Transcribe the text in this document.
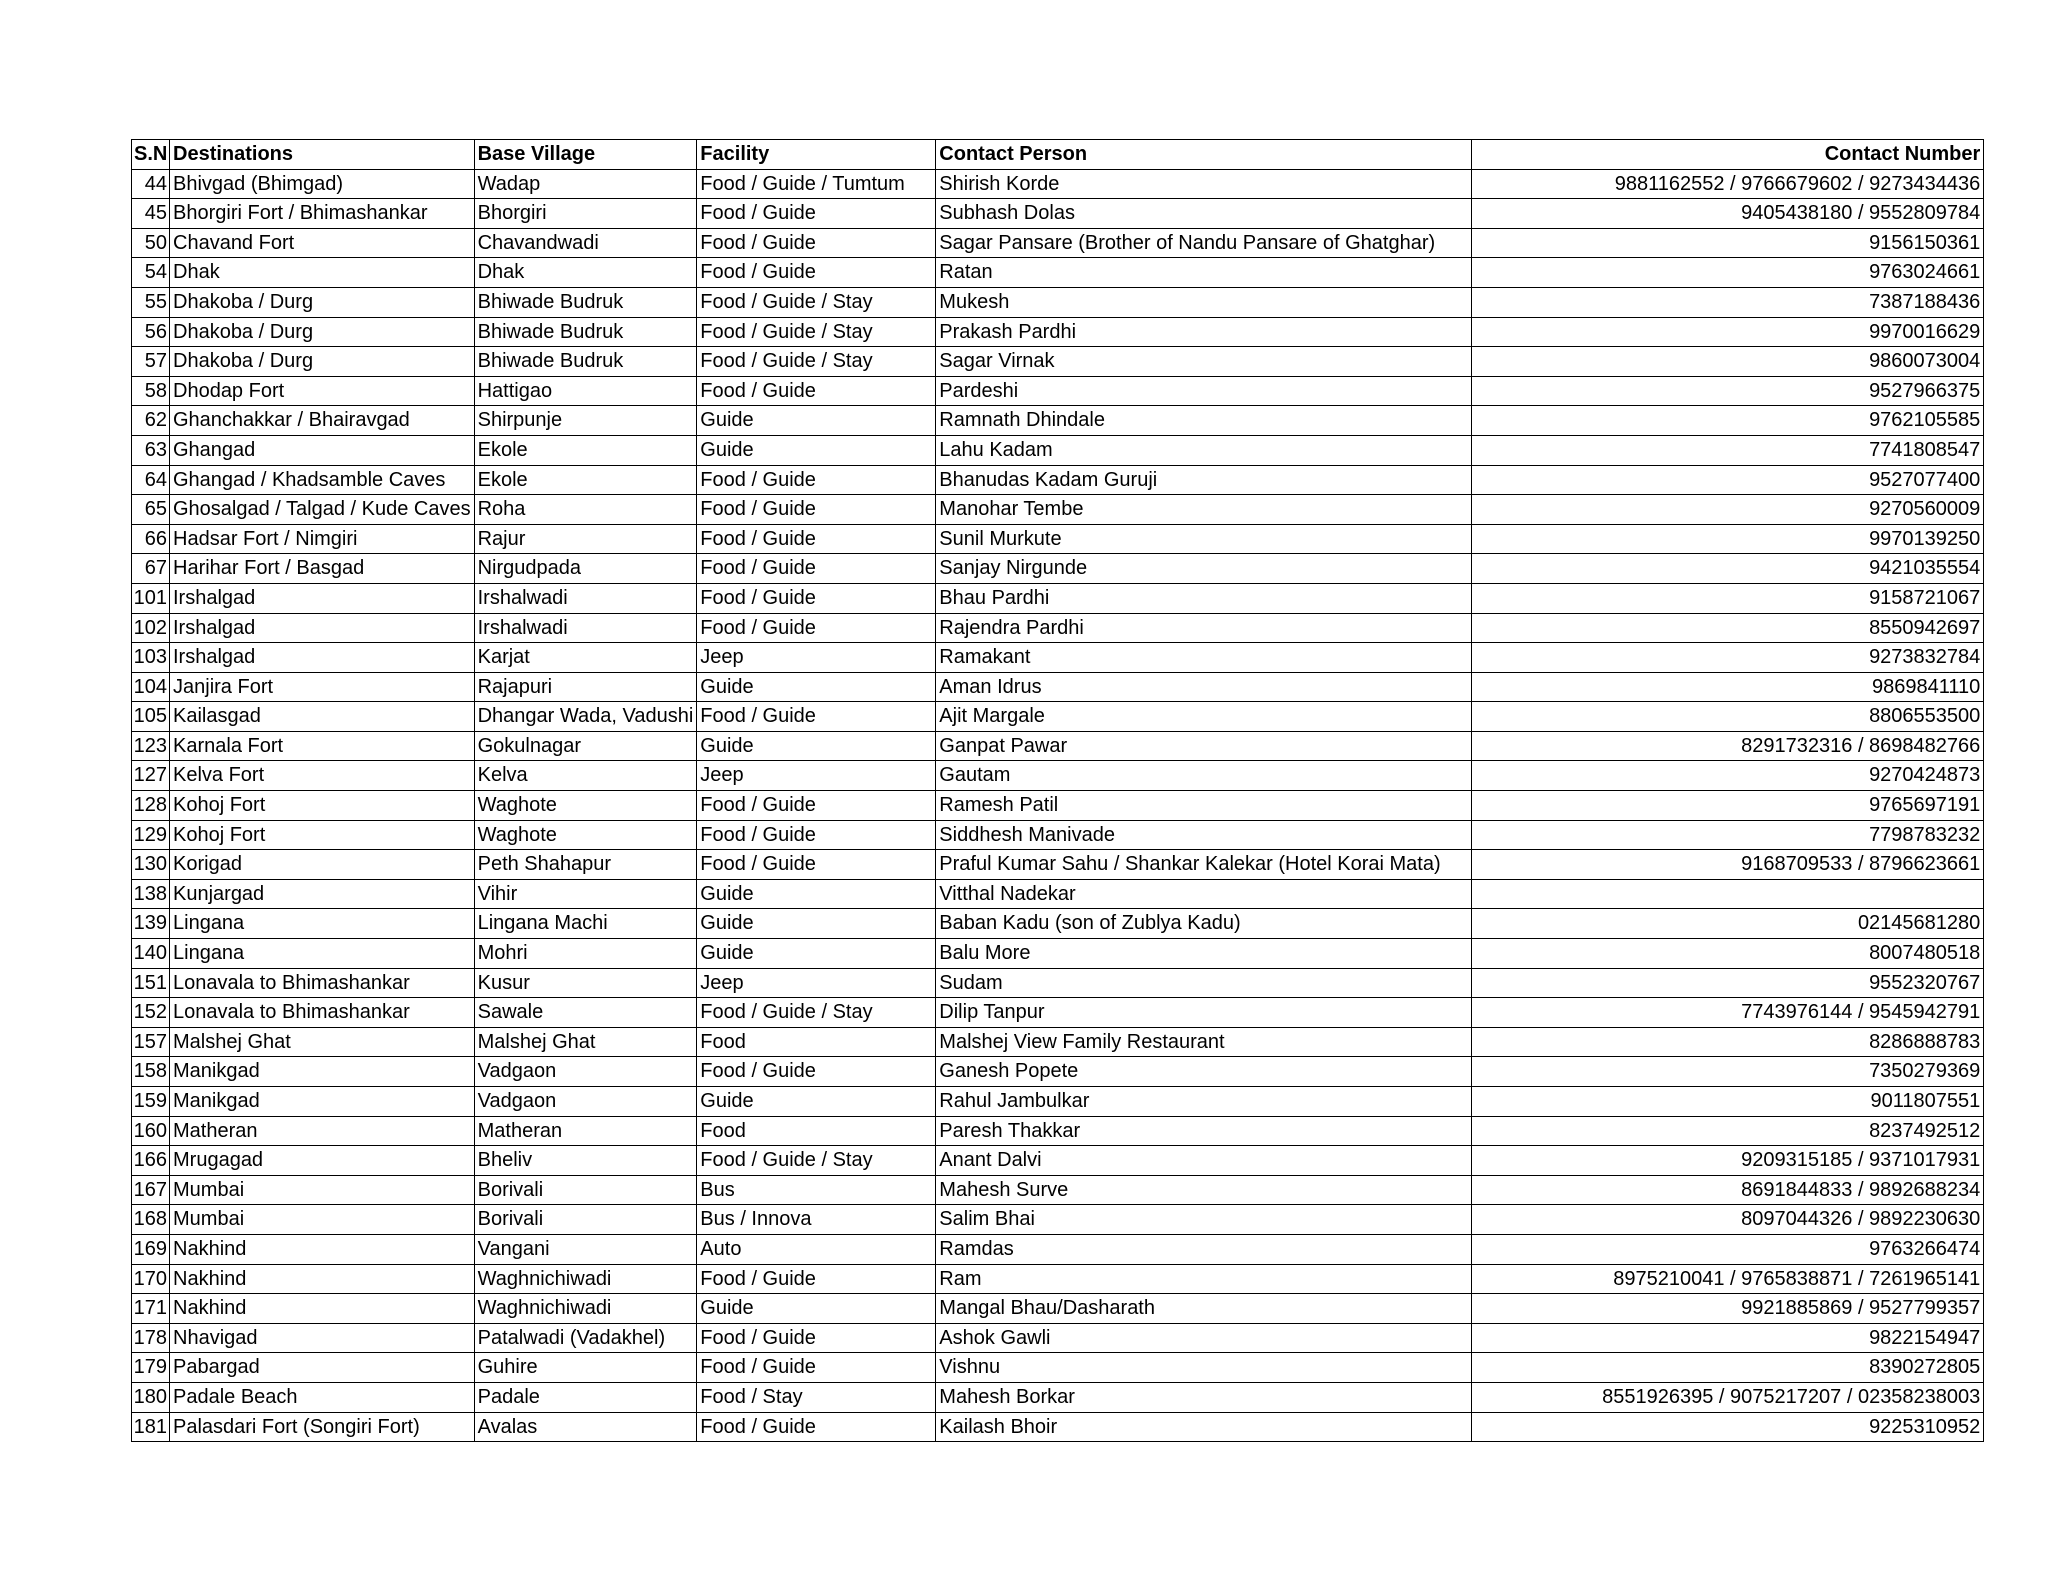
S.N	Destinations	Base Village	Facility	Contact Person	Contact Number
44	Bhivgad (Bhimgad)	Wadap	Food / Guide / Tumtum	Shirish Korde	9881162552 / 9766679602 / 9273434436
45	Bhorgiri Fort / Bhimashankar	Bhorgiri	Food / Guide	Subhash Dolas	9405438180 / 9552809784
50	Chavand Fort	Chavandwadi	Food / Guide	Sagar Pansare (Brother of Nandu Pansare of Ghatghar)	9156150361
54	Dhak	Dhak	Food / Guide	Ratan	9763024661
55	Dhakoba / Durg	Bhiwade Budruk	Food / Guide / Stay	Mukesh	7387188436
56	Dhakoba / Durg	Bhiwade Budruk	Food / Guide / Stay	Prakash Pardhi	9970016629
57	Dhakoba / Durg	Bhiwade Budruk	Food / Guide / Stay	Sagar Virnak	9860073004
58	Dhodap Fort	Hattigao	Food / Guide	Pardeshi	9527966375
62	Ghanchakkar / Bhairavgad	Shirpunje	Guide	Ramnath Dhindale	9762105585
63	Ghangad	Ekole	Guide	Lahu Kadam	7741808547
64	Ghangad / Khadsamble Caves	Ekole	Food / Guide	Bhanudas Kadam Guruji	9527077400
65	Ghosalgad / Talgad / Kude Caves	Roha	Food / Guide	Manohar Tembe	9270560009
66	Hadsar Fort / Nimgiri	Rajur	Food / Guide	Sunil Murkute	9970139250
67	Harihar Fort / Basgad	Nirgudpada	Food / Guide	Sanjay Nirgunde	9421035554
101	Irshalgad	Irshalwadi	Food / Guide	Bhau Pardhi	9158721067
102	Irshalgad	Irshalwadi	Food / Guide	Rajendra Pardhi	8550942697
103	Irshalgad	Karjat	Jeep	Ramakant	9273832784
104	Janjira Fort	Rajapuri	Guide	Aman Idrus	9869841110
105	Kailasgad	Dhangar Wada, Vadushi	Food / Guide	Ajit Margale	8806553500
123	Karnala Fort	Gokulnagar	Guide	Ganpat Pawar	8291732316 / 8698482766
127	Kelva Fort	Kelva	Jeep	Gautam	9270424873
128	Kohoj Fort	Waghote	Food / Guide	Ramesh Patil	9765697191
129	Kohoj Fort	Waghote	Food / Guide	Siddhesh Manivade	7798783232
130	Korigad	Peth Shahapur	Food / Guide	Praful Kumar Sahu / Shankar Kalekar (Hotel Korai Mata)	9168709533 / 8796623661
138	Kunjargad	Vihir	Guide	Vitthal Nadekar	
139	Lingana	Lingana Machi	Guide	Baban Kadu (son of Zublya Kadu)	02145681280
140	Lingana	Mohri	Guide	Balu More	8007480518
151	Lonavala to Bhimashankar	Kusur	Jeep	Sudam	9552320767
152	Lonavala to Bhimashankar	Sawale	Food / Guide / Stay	Dilip Tanpur	7743976144 / 9545942791
157	Malshej Ghat	Malshej Ghat	Food	Malshej View Family Restaurant	8286888783
158	Manikgad	Vadgaon	Food / Guide	Ganesh Popete	7350279369
159	Manikgad	Vadgaon	Guide	Rahul Jambulkar	9011807551
160	Matheran	Matheran	Food	Paresh Thakkar	8237492512
166	Mrugagad	Bheliv	Food / Guide / Stay	Anant Dalvi	9209315185 / 9371017931
167	Mumbai	Borivali	Bus	Mahesh Surve	8691844833 / 9892688234
168	Mumbai	Borivali	Bus / Innova	Salim Bhai	8097044326 / 9892230630
169	Nakhind	Vangani	Auto	Ramdas	9763266474
170	Nakhind	Waghnichiwadi	Food / Guide	Ram	8975210041 / 9765838871 / 7261965141
171	Nakhind	Waghnichiwadi	Guide	Mangal Bhau/Dasharath	9921885869 / 9527799357
178	Nhavigad	Patalwadi (Vadakhel)	Food / Guide	Ashok Gawli	9822154947
179	Pabargad	Guhire	Food / Guide	Vishnu	8390272805
180	Padale Beach	Padale	Food / Stay	Mahesh Borkar	8551926395 / 9075217207 / 02358238003
181	Palasdari Fort (Songiri Fort)	Avalas	Food / Guide	Kailash Bhoir	9225310952
